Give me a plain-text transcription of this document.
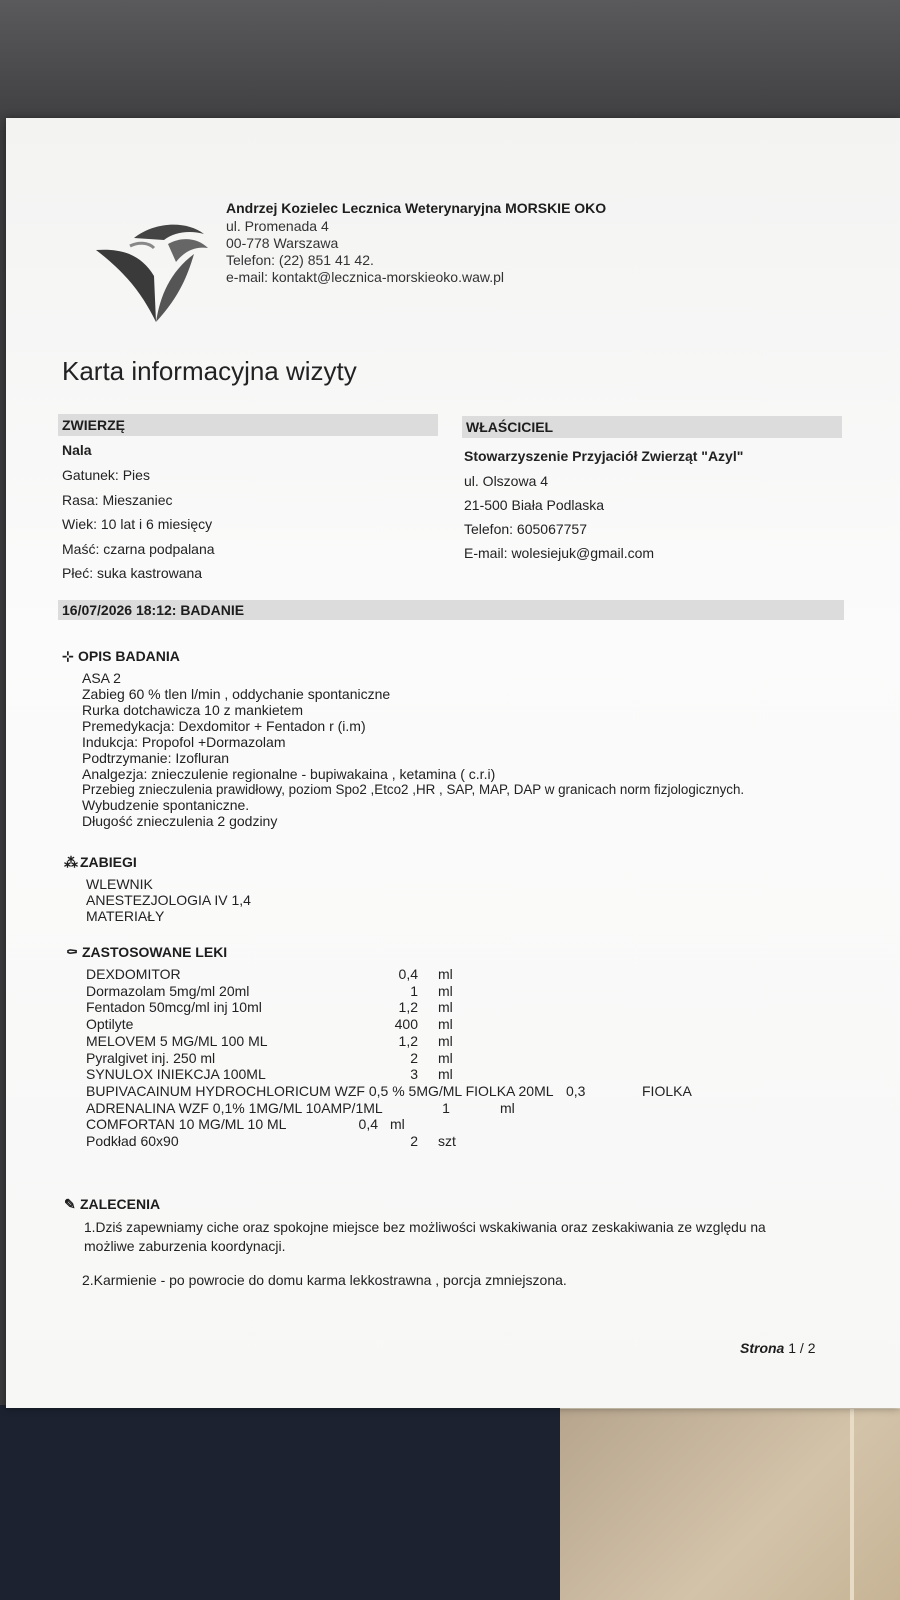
Andrzej Kozielec Lecznica Weterynaryjna MORSKIE OKO
ul. Promenada 4
00-778 Warszawa
Telefon: (22) 851 41 42.
e-mail: kontakt@lecznica-morskieoko.waw.pl
Karta informacyjna wizyty
ZWIERZĘ
Nala
Gatunek: Pies
Rasa: Mieszaniec
Wiek: 10 lat i 6 miesięcy
Maść: czarna podpalana
Płeć: suka kastrowana
WŁAŚCICIEL
Stowarzyszenie Przyjaciół Zwierząt "Azyl"
ul. Olszowa 4
21-500 Biała Podlaska
Telefon: 605067757
E-mail: wolesiejuk@gmail.com
16/07/2026 18:12: BADANIE
⊹ OPIS BADANIA
ASA 2
Zabieg 60 % tlen l/min , oddychanie spontaniczne
Rurka dotchawicza 10 z mankietem
Premedykacja: Dexdomitor + Fentadon r (i.m)
Indukcja: Propofol +Dormazolam
Podtrzymanie: Izofluran
Analgezja: znieczulenie regionalne - bupiwakaina , ketamina ( c.r.i)
Przebieg znieczulenia prawidłowy, poziom Spo2 ,Etco2 ,HR , SAP, MAP, DAP w granicach norm fizjologicznych.
Wybudzenie spontaniczne.
Długość znieczulenia 2 godziny
⁂ ZABIEGI
WLEWNIK
ANESTEZJOLOGIA IV 1,4
MATERIAŁY
⚰ ZASTOSOWANE LEKI
DEXDOMITOR	0,4 ml
Dormazolam 5mg/ml 20ml	1 ml
Fentadon 50mcg/ml inj 10ml	1,2 ml
Optilyte	400 ml
MELOVEM 5 MG/ML 100 ML	1,2 ml
Pyralgivet inj. 250 ml	2 ml
SYNULOX INIEKCJA 100ML	3 ml
BUPIVACAINUM HYDROCHLORICUM WZF 0,5 % 5MG/ML FIOLKA 20ML 0,3	FIOLKA
ADRENALINA WZF 0,1% 1MG/ML 10AMP/1ML	1	ml
COMFORTAN 10 MG/ML 10 ML	0,4 ml
Podkład 60x90	2 szt
✎ ZALECENIA
1.Dziś zapewniamy ciche oraz spokojne miejsce bez możliwości wskakiwania oraz zeskakiwania ze względu na
możliwe zaburzenia koordynacji.
2.Karmienie - po powrocie do domu karma lekkostrawna , porcja zmniejszona.
Strona 1 / 2
